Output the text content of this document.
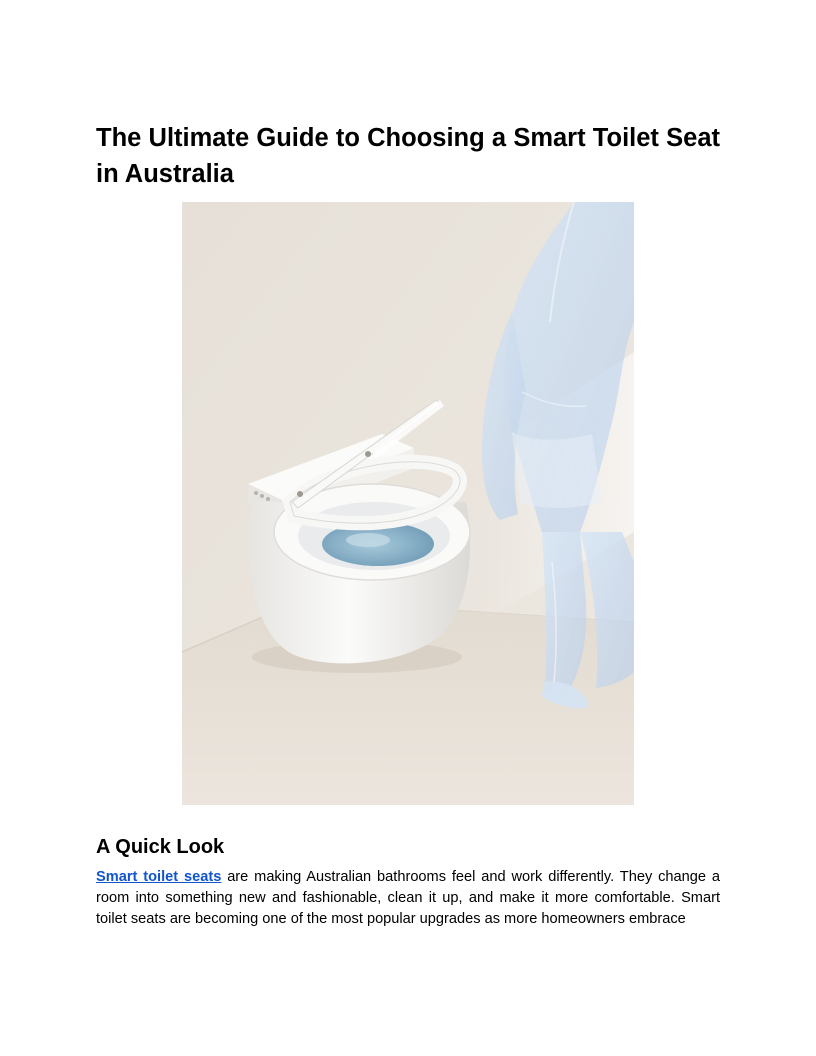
The Ultimate Guide to Choosing a Smart Toilet Seat in Australia
A Quick Look

Smart toilet seats are making Australian bathrooms feel and work differently. They change a room into something new and fashionable, clean it up, and make it more comfortable. Smart toilet seats are becoming one of the most popular upgrades as more homeowners embrace
